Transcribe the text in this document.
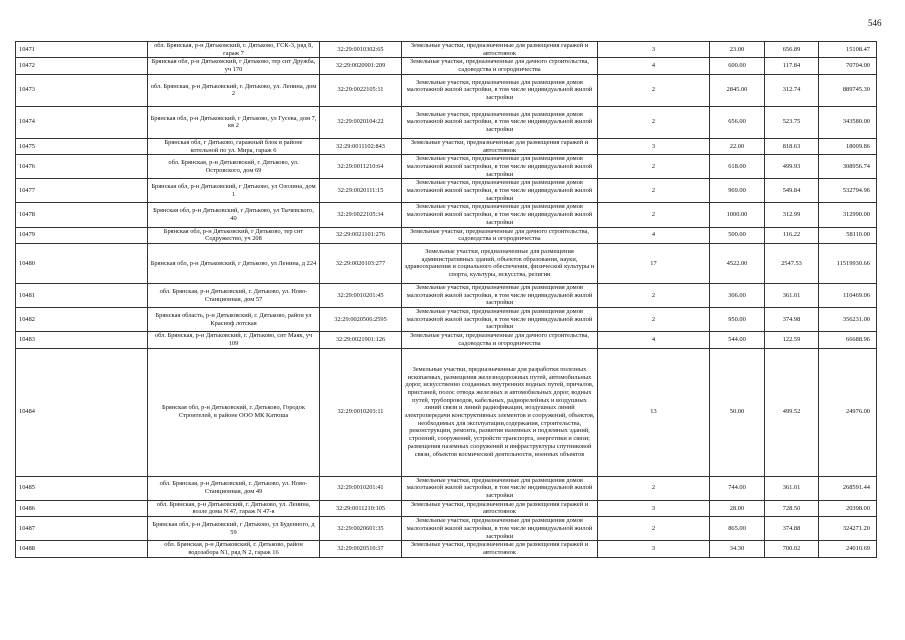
546
10471	обл. Брянская, р-н Дятьковский, г. Дятьково, ГСК-3, ряд 8, гараж 7	32:29:0010302:65	Земельные участки, предназначенные для размещения гаражей и автостоянок	3	23.00	656.89	15108.47
10472	Брянская обл, р-н Дятьковский, г Дятьково, тер снт Дружба, уч 170	32:29:0020901:209	Земельные участки, предназначенные для дачного строительства, садоводства и огородничества	4	600.00	117.84	70704.00
10473	обл. Брянская, р-н Дятьковский, г. Дятьково, ул. Ленина, дом 2	32:29:0022105:11	Земельные участки, предназначенные для размещения домов малоэтажной жилой застройки, в том числе индивидуальной жилой застройки	2	2845.00	312.74	889745.30
10474	Брянская обл, р-н Дятьковский, г Дятьково, ул Гусева, дом 7, кв 2	32:29:0020104:22	Земельные участки, предназначенные для размещения домов малоэтажной жилой застройки, в том числе индивидуальной жилой застройки	2	656.00	523.75	343580.00
10475	Брянская обл, г Дятьково, гаражный блок в районе котельной по ул. Мира, гараж 6	32:29:0011102:843	Земельные участки, предназначенные для размещения гаражей и автостоянок	3	22.00	818.63	18009.86
10476	обл. Брянская, р-н Дятьковский, г. Дятьково, ул. Островского, дом 69	32:29:0011210:64	Земельные участки, предназначенные для размещения домов малоэтажной жилой застройки, в том числе индивидуальной жилой застройки	2	618.00	499.93	308956.74
10477	Брянская обл, р-н Дятьковский, г Дятьково, ул Озолина, дом 1	32:29:0020111:15	Земельные участки, предназначенные для размещения домов малоэтажной жилой застройки, в том числе индивидуальной жилой застройки	2	969.00	549.84	532794.96
10478	Брянская обл, р-н Дятьковский, г Дятьково, ул Тычевского, 40	32:29:0022105:34	Земельные участки, предназначенные для размещения домов малоэтажной жилой застройки, в том числе индивидуальной жилой застройки	2	1000.00	312.99	312990.00
10479	Брянская обл, р-н Дятьковский, г Дятьково, тер снт Содружество, уч 208	32:29:0021101:276	Земельные участки, предназначенные для дачного строительства, садоводства и огородничества	4	500.00	116.22	58110.00
10480	Брянская обл, р-н Дятьковский, г Дятьково, ул Ленина, д 224	32:29:0020103:277	Земельные участки, предназначенные для размещения административных зданий, объектов образования, науки, здравоохранения и социального обеспечения, физической культуры и спорта, культуры, искусства, религии	17	4522.00	2547.53	11519930.66
10481	обл. Брянская, р-н Дятьковский, г. Дятьково, ул. Ново-Станционная, дом 57	32:29:0010201:45	Земельные участки, предназначенные для размещения домов малоэтажной жилой застройки, в том числе индивидуальной жилой застройки	2	306.00	361.01	110469.06
10482	Брянская область, р-н Дятьковский, г. Дятьково, район ул Красноф лотская	32:29:0020506:2595	Земельные участки, предназначенные для размещения домов малоэтажной жилой застройки, в том числе индивидуальной жилой застройки	2	950.00	374.98	356231.00
10483	обл. Брянская, р-н Дятьковский, г. Дятьково, снт Маяк, уч 109	32:29:0021901:126	Земельные участки, предназначенные для дачного строительства, садоводства и огородничества	4	544.00	122.59	66688.96
10484	Брянская обл, р-н Дятьковский, г. Дятьково, Городок Строителей, в районе ООО МК Катюша	32:29:0010203:11	Земельные участки, предназначенные для разработки полезных ископаемых, размещения железнодорожных путей, автомобильных дорог, искусственно созданных внутренних водных путей, причалов, пристаней, полос отвода железных и автомобильных дорог, водных путей, трубопроводов, кабельных, радиорелейных и воздушных линий связи и линий радиофикации, воздушных линий электропередачи конструктивных элементов и сооружений, объектов, необходимых для эксплуатации,содержания, строительства, реконструкции, ремонта, развития наземных и подземных зданий, строений, сооружений, устройств транспорта, энергетики и связи; размещения наземных сооружений и инфраструктуры спутниковой связи, объектов космической деятельности, военных объектов	13	50.00	499.52	24976.00
10485	обл. Брянская, р-н Дятьковский, г. Дятьково, ул. Ново-Станционная, дом 49	32:29:0010201:41	Земельные участки, предназначенные для размещения домов малоэтажной жилой застройки, в том числе индивидуальной жилой застройки	2	744.00	361.01	268591.44
10486	обл. Брянская, р-н Дятьковский, г. Дятьково, ул. Ленина, возле дома N 47, гараж N 47-я	32:29:0011210:105	Земельные участки, предназначенные для размещения гаражей и автостоянок	3	28.00	728.50	20398.00
10487	Брянская обл, р-н Дятьковский, г Дятьково, ул Буденного, д 59	32:29:0020601:35	Земельные участки, предназначенные для размещения домов малоэтажной жилой застройки, в том числе индивидуальной жилой застройки	2	865.00	374.88	324271.20
10488	обл. Брянская, р-н Дятьковский, г. Дятьково, район водозабора N1, ряд N 2, гараж 16	32:29:0020510:37	Земельные участки, предназначенные для размещения гаражей и автостоянок	3	34.30	700.02	24010.69
